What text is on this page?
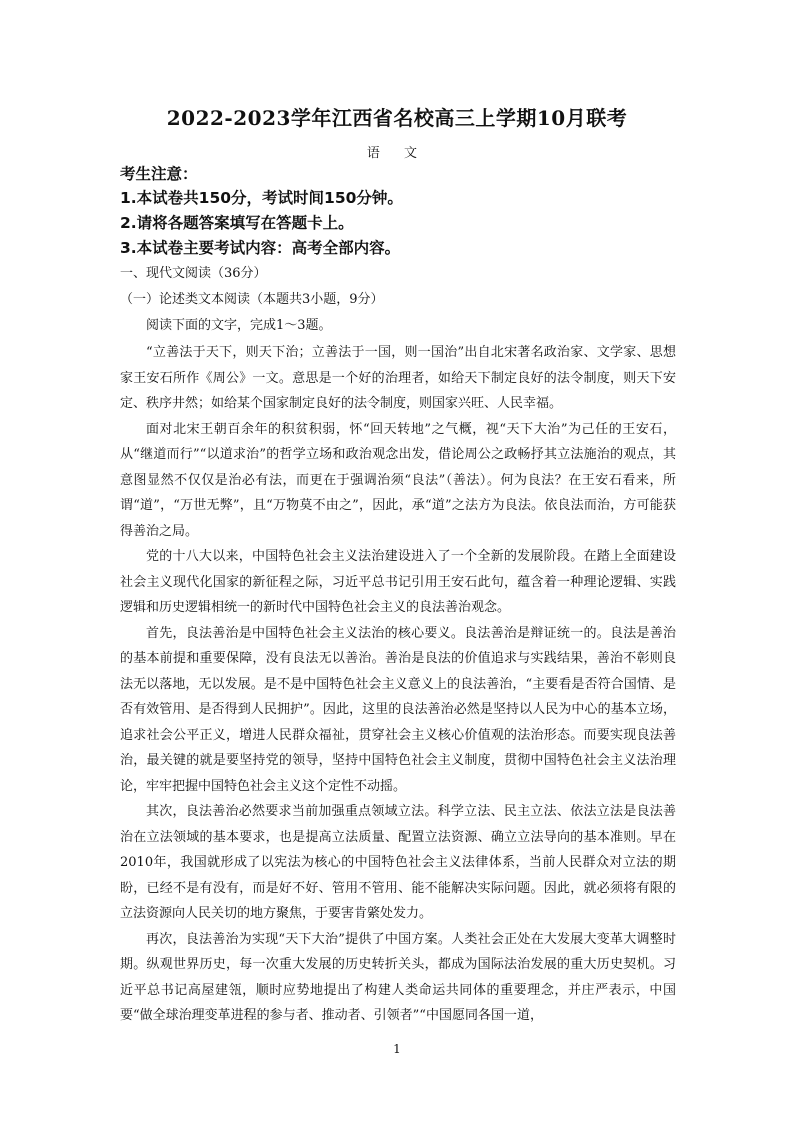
2022-2023学年江西省名校高三上学期10月联考
语 文
考生注意：
1.本试卷共150分，考试时间150分钟。
2.请将各题答案填写在答题卡上。
3.本试卷主要考试内容：高考全部内容。
一、现代文阅读（36分）
（一）论述类文本阅读（本题共3小题，9分）
阅读下面的文字，完成1～3题。

“立善法于天下，则天下治；立善法于一国，则一国治”出自北宋著名政治家、文学家、思想家王安石所作《周公》一文。意思是一个好的治理者，如给天下制定良好的法令制度，则天下安定、秩序井然；如给某个国家制定良好的法令制度，则国家兴旺、人民幸福。

面对北宋王朝百余年的积贫积弱，怀“回天转地”之气概，视“天下大治”为己任的王安石，从“继道而行”“以道求治”的哲学立场和政治观念出发，借论周公之政畅抒其立法施治的观点，其意图显然不仅仅是治必有法，而更在于强调治须“良法”（善法）。何为良法？在王安石看来，所谓“道”，“万世无弊”，且“万物莫不由之”，因此，承“道”之法方为良法。依良法而治，方可能获得善治之局。

党的十八大以来，中国特色社会主义法治建设进入了一个全新的发展阶段。在踏上全面建设社会主义现代化国家的新征程之际，习近平总书记引用王安石此句，蕴含着一种理论逻辑、实践逻辑和历史逻辑相统一的新时代中国特色社会主义的良法善治观念。

首先，良法善治是中国特色社会主义法治的核心要义。良法善治是辩证统一的。良法是善治的基本前提和重要保障，没有良法无以善治。善治是良法的价值追求与实践结果，善治不彰则良法无以落地，无以发展。是不是中国特色社会主义意义上的良法善治，“主要看是否符合国情、是否有效管用、是否得到人民拥护”。因此，这里的良法善治必然是坚持以人民为中心的基本立场，追求社会公平正义，增进人民群众福祉，贯穿社会主义核心价值观的法治形态。而要实现良法善治，最关键的就是要坚持党的领导，坚持中国特色社会主义制度，贯彻中国特色社会主义法治理论，牢牢把握中国特色社会主义这个定性不动摇。

其次，良法善治必然要求当前加强重点领域立法。科学立法、民主立法、依法立法是良法善治在立法领域的基本要求，也是提高立法质量、配置立法资源、确立立法导向的基本准则。早在2010年，我国就形成了以宪法为核心的中国特色社会主义法律体系，当前人民群众对立法的期盼，已经不是有没有，而是好不好、管用不管用、能不能解决实际问题。因此，就必须将有限的立法资源向人民关切的地方聚焦，于要害肯綮处发力。

再次，良法善治为实现“天下大治”提供了中国方案。人类社会正处在大发展大变革大调整时期。纵观世界历史，每一次重大发展的历史转折关头，都成为国际法治发展的重大历史契机。习近平总书记高屋建瓴，顺时应势地提出了构建人类命运共同体的重要理念，并庄严表示，中国要“做全球治理变革进程的参与者、推动者、引领者”“中国愿同各国一道，

1
